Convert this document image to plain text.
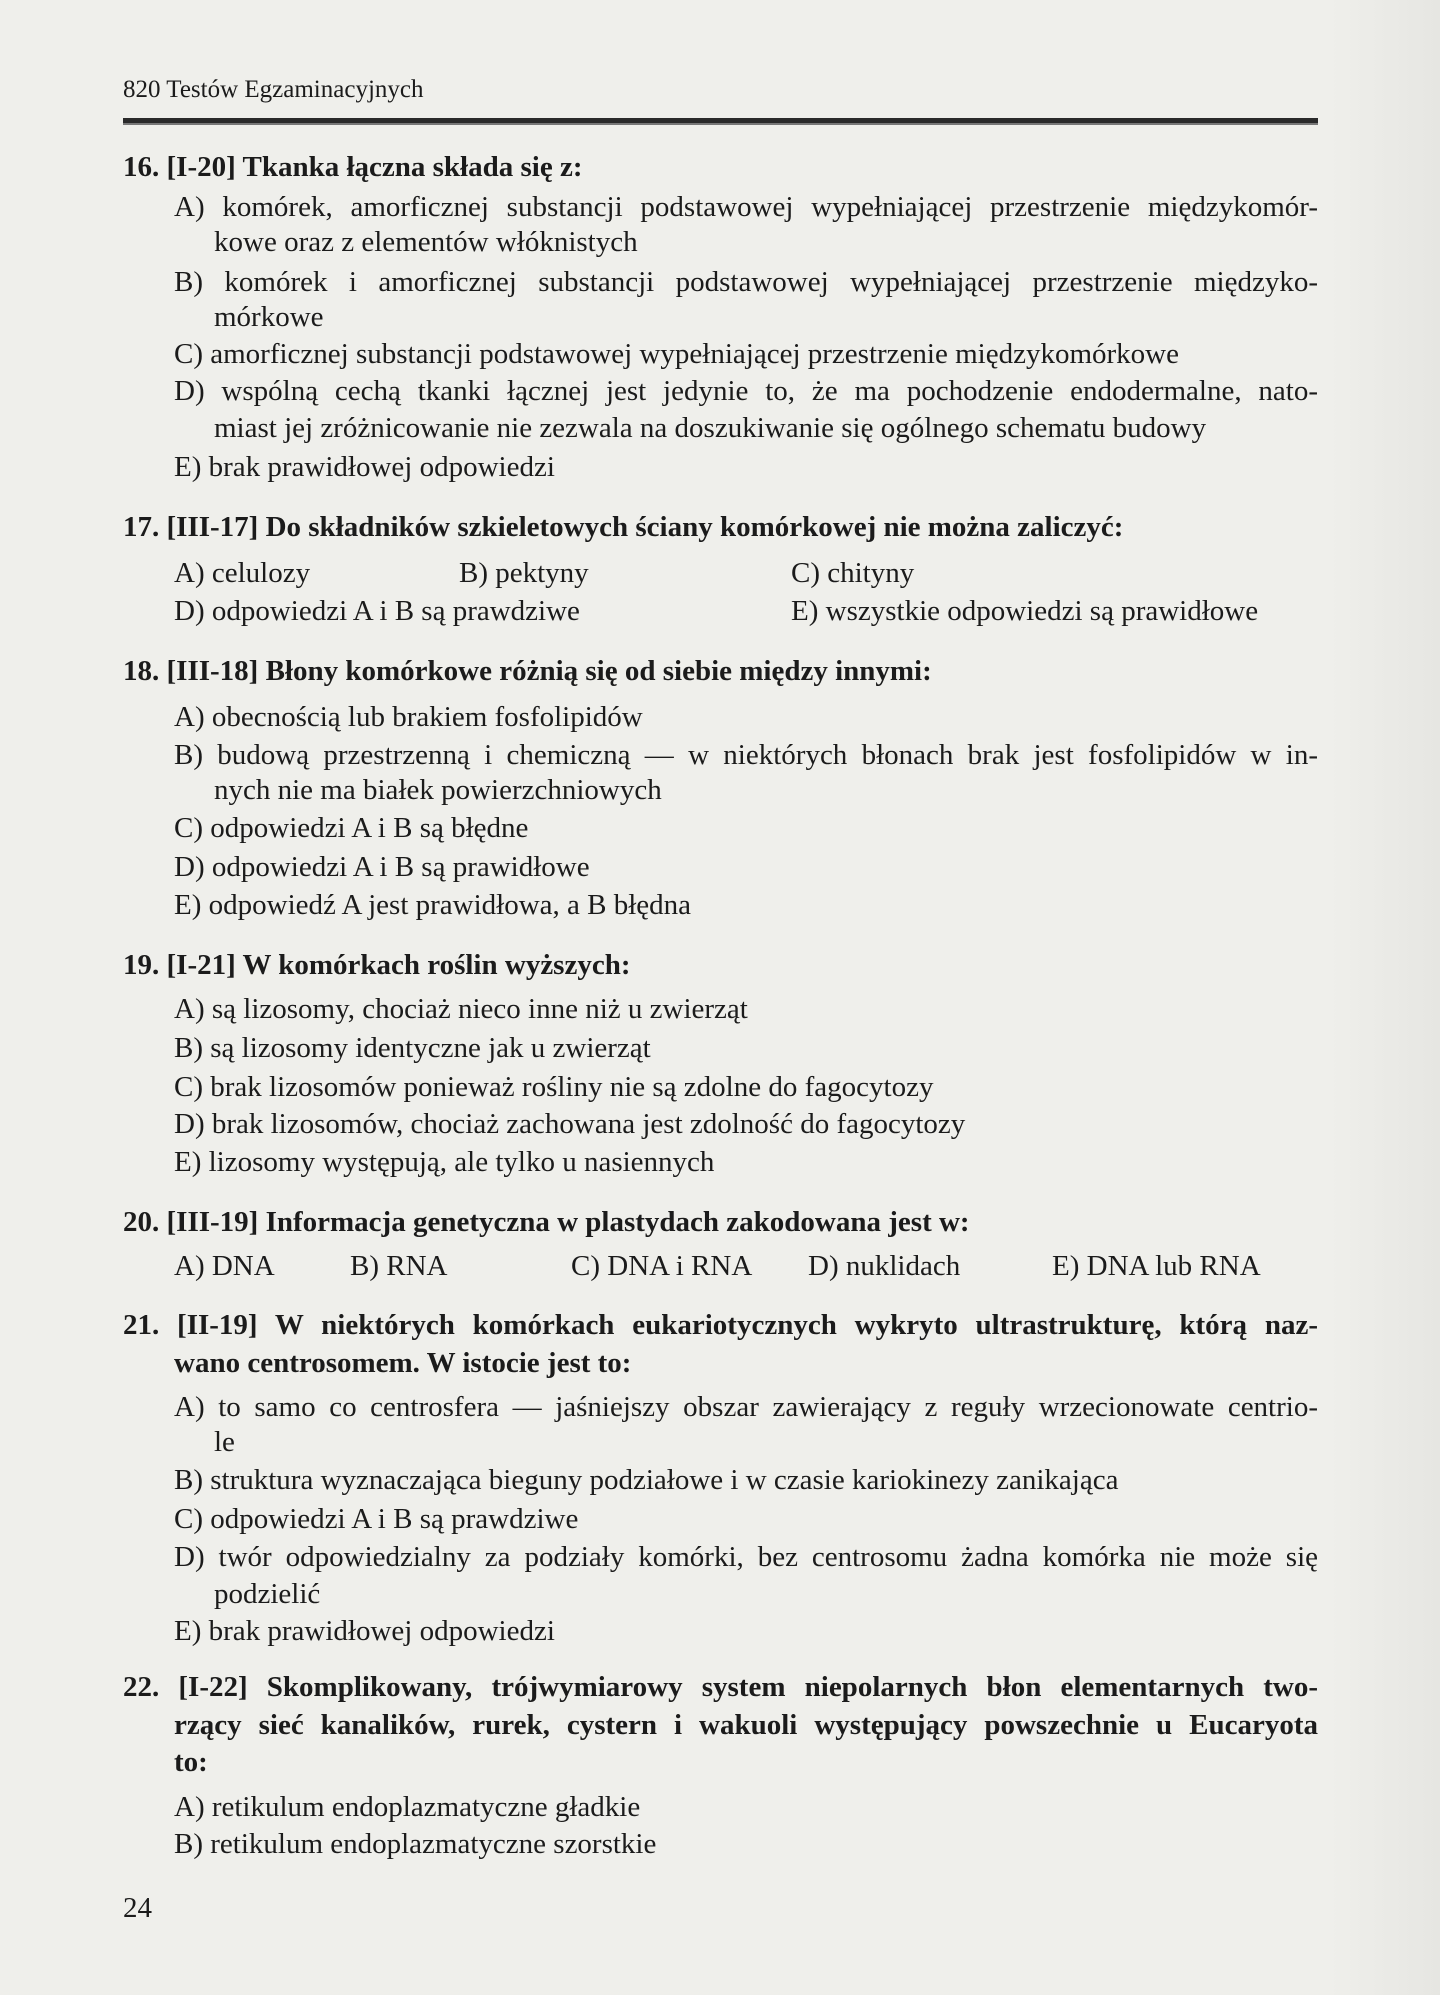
820 Testów Egzaminacyjnych
16. [I-20] Tkanka łączna składa się z:
A) komórek, amorficznej substancji podstawowej wypełniającej przestrzenie międzykomór-
kowe oraz z elementów włóknistych
B) komórek i amorficznej substancji podstawowej wypełniającej przestrzenie międzyko-
mórkowe
C) amorficznej substancji podstawowej wypełniającej przestrzenie międzykomórkowe
D) wspólną cechą tkanki łącznej jest jedynie to, że ma pochodzenie endodermalne, nato-
miast jej zróżnicowanie nie zezwala na doszukiwanie się ogólnego schematu budowy
E) brak prawidłowej odpowiedzi
17. [III-17] Do składników szkieletowych ściany komórkowej nie można zaliczyć:
A) celulozy	B) pektyny	C) chityny
D) odpowiedzi A i B są prawdziwe	E) wszystkie odpowiedzi są prawidłowe
18. [III-18] Błony komórkowe różnią się od siebie między innymi:
A) obecnością lub brakiem fosfolipidów
B) budową przestrzenną i chemiczną — w niektórych błonach brak jest fosfolipidów w in-
nych nie ma białek powierzchniowych
C) odpowiedzi A i B są błędne
D) odpowiedzi A i B są prawidłowe
E) odpowiedź A jest prawidłowa, a B błędna
19. [I-21] W komórkach roślin wyższych:
A) są lizosomy, chociaż nieco inne niż u zwierząt
B) są lizosomy identyczne jak u zwierząt
C) brak lizosomów ponieważ rośliny nie są zdolne do fagocytozy
D) brak lizosomów, chociaż zachowana jest zdolność do fagocytozy
E) lizosomy występują, ale tylko u nasiennych
20. [III-19] Informacja genetyczna w plastydach zakodowana jest w:
A) DNA	B) RNA	C) DNA i RNA D) nuklidach	E) DNA lub RNA
21. [II-19] W niektórych komórkach eukariotycznych wykryto ultrastrukturę, którą naz-
wano centrosomem. W istocie jest to:
A) to samo co centrosfera — jaśniejszy obszar zawierający z reguły wrzecionowate centrio-
le
B) struktura wyznaczająca bieguny podziałowe i w czasie kariokinezy zanikająca
C) odpowiedzi A i B są prawdziwe
D) twór odpowiedzialny za podziały komórki, bez centrosomu żadna komórka nie może się
podzielić
E) brak prawidłowej odpowiedzi
22. [I-22] Skomplikowany, trójwymiarowy system niepolarnych błon elementarnych two-
rzący sieć kanalików, rurek, cystern i wakuoli występujący powszechnie u Eucaryota
to:
A) retikulum endoplazmatyczne gładkie
B) retikulum endoplazmatyczne szorstkie
24
